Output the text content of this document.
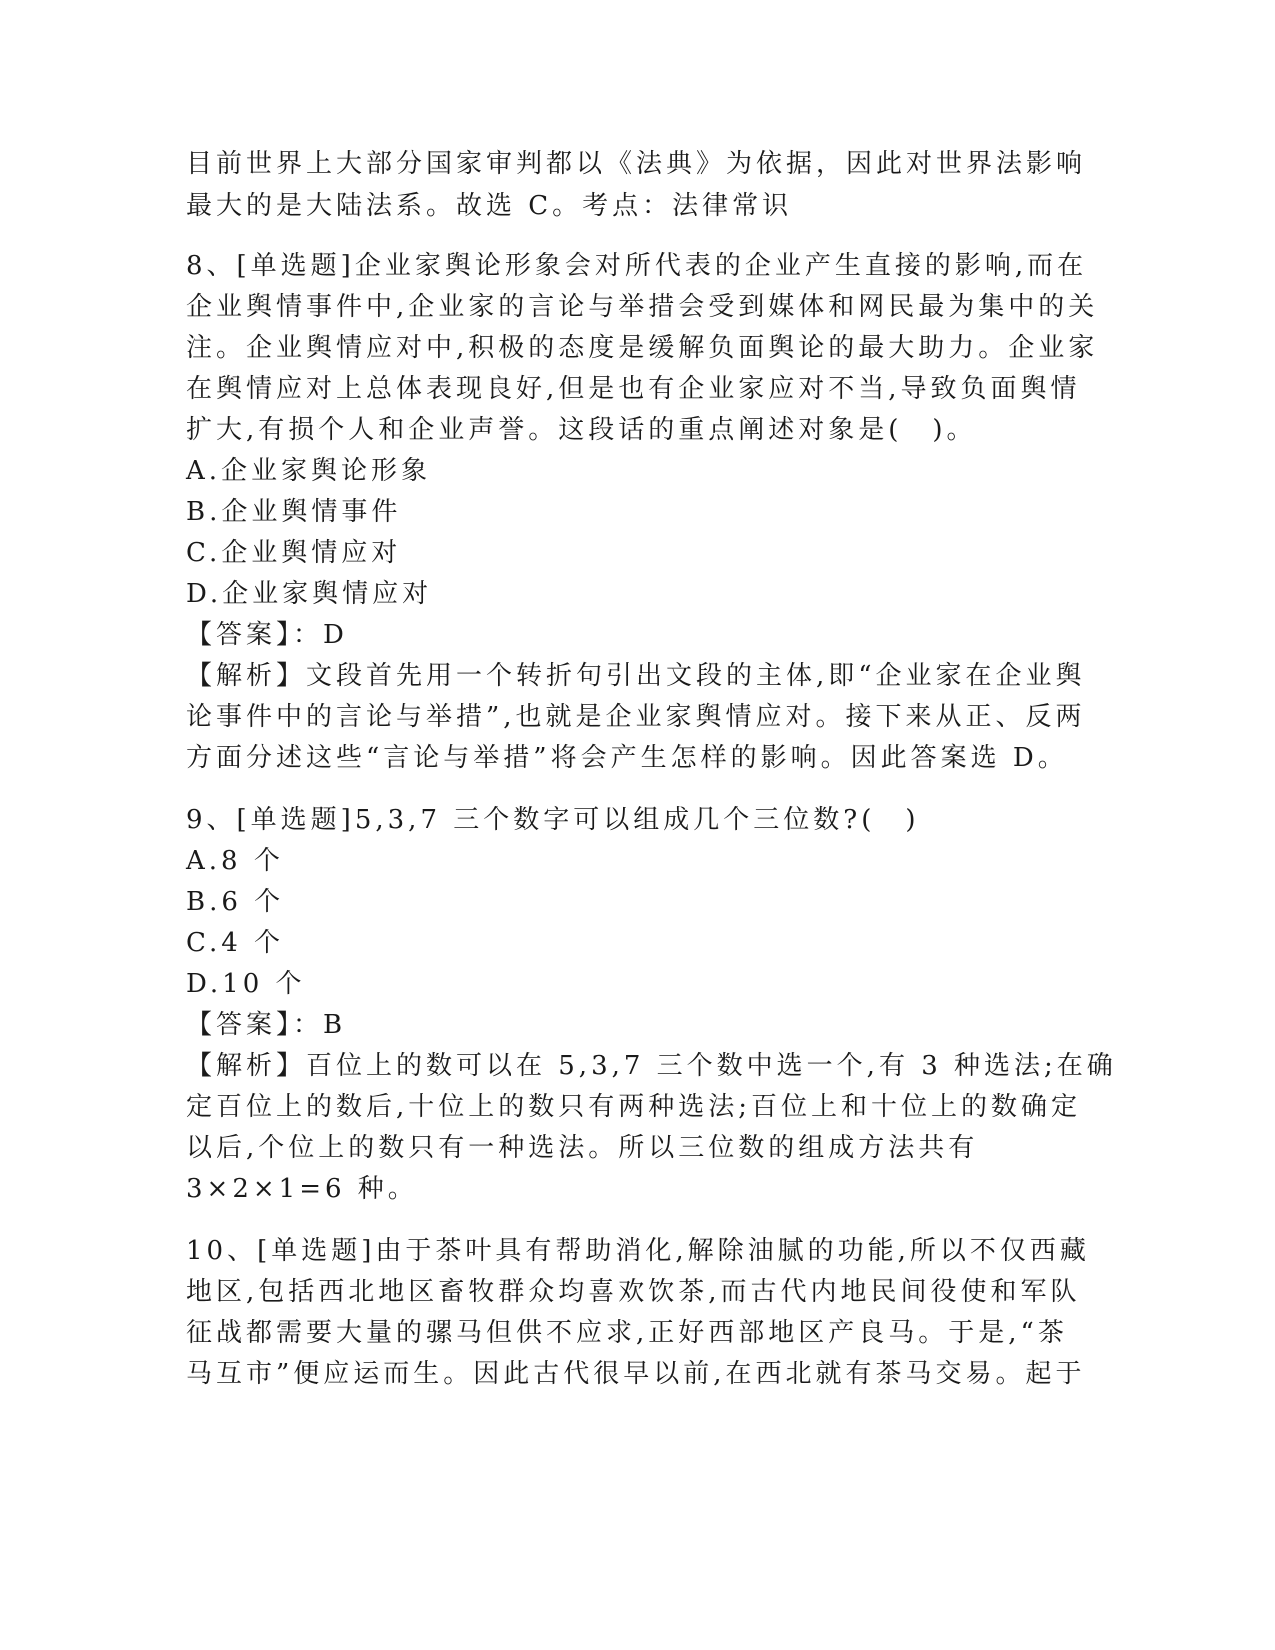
目前世界上大部分国家审判都以《法典》为依据，因此对世界法影响

最大的是大陆法系。故选 C。考点：法律常识

8、[单选题]企业家舆论形象会对所代表的企业产生直接的影响,而在

企业舆情事件中,企业家的言论与举措会受到媒体和网民最为集中的关

注。企业舆情应对中,积极的态度是缓解负面舆论的最大助力。企业家

在舆情应对上总体表现良好,但是也有企业家应对不当,导致负面舆情

扩大,有损个人和企业声誉。这段话的重点阐述对象是(　)。

A.企业家舆论形象

B.企业舆情事件

C.企业舆情应对

D.企业家舆情应对

【答案】：D

【解析】文段首先用一个转折句引出文段的主体,即“企业家在企业舆

论事件中的言论与举措”,也就是企业家舆情应对。接下来从正、反两

方面分述这些“言论与举措”将会产生怎样的影响。因此答案选 D。

9、[单选题]5,3,7 三个数字可以组成几个三位数?(　)

A.8 个

B.6 个

C.4 个

D.10 个

【答案】：B

【解析】百位上的数可以在 5,3,7 三个数中选一个,有 3 种选法;在确

定百位上的数后,十位上的数只有两种选法;百位上和十位上的数确定

以后,个位上的数只有一种选法。所以三位数的组成方法共有

3×2×1=6 种。

10、[单选题]由于茶叶具有帮助消化,解除油腻的功能,所以不仅西藏

地区,包括西北地区畜牧群众均喜欢饮茶,而古代内地民间役使和军队

征战都需要大量的骡马但供不应求,正好西部地区产良马。于是,“茶

马互市”便应运而生。因此古代很早以前,在西北就有茶马交易。起于
